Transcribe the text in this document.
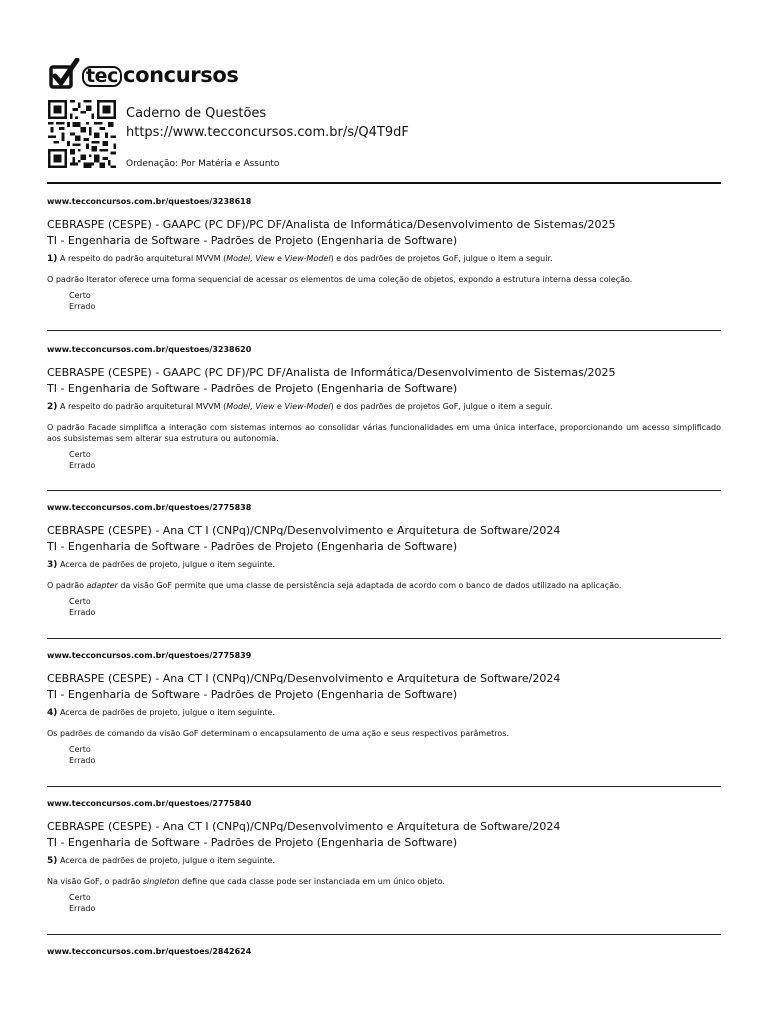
tec concursos
Caderno de Questões
https://www.tecconcursos.com.br/s/Q4T9dF
Ordenação: Por Matéria e Assunto
www.tecconcursos.com.br/questoes/3238618
CEBRASPE (CESPE) - GAAPC (PC DF)/PC DF/Analista de Informática/Desenvolvimento de Sistemas/2025
TI - Engenharia de Software - Padrões de Projeto (Engenharia de Software)
1) A respeito do padrão arquitetural MVVM (Model, View e View-Model) e dos padrões de projetos GoF, julgue o item a seguir.
O padrão Iterator oferece uma forma sequencial de acessar os elementos de uma coleção de objetos, expondo a estrutura interna dessa coleção.
Certo
Errado
www.tecconcursos.com.br/questoes/3238620
CEBRASPE (CESPE) - GAAPC (PC DF)/PC DF/Analista de Informática/Desenvolvimento de Sistemas/2025
TI - Engenharia de Software - Padrões de Projeto (Engenharia de Software)
2) A respeito do padrão arquitetural MVVM (Model, View e View-Model) e dos padrões de projetos GoF, julgue o item a seguir.
O padrão Facade simplifica a interação com sistemas internos ao consolidar várias funcionalidades em uma única interface, proporcionando um acesso simplificado aos subsistemas sem alterar sua estrutura ou autonomia.
Certo
Errado
www.tecconcursos.com.br/questoes/2775838
CEBRASPE (CESPE) - Ana CT I (CNPq)/CNPq/Desenvolvimento e Arquitetura de Software/2024
TI - Engenharia de Software - Padrões de Projeto (Engenharia de Software)
3) Acerca de padrões de projeto, julgue o item seguinte.
O padrão adapter da visão GoF permite que uma classe de persistência seja adaptada de acordo com o banco de dados utilizado na aplicação.
Certo
Errado
www.tecconcursos.com.br/questoes/2775839
CEBRASPE (CESPE) - Ana CT I (CNPq)/CNPq/Desenvolvimento e Arquitetura de Software/2024
TI - Engenharia de Software - Padrões de Projeto (Engenharia de Software)
4) Acerca de padrões de projeto, julgue o item seguinte.
Os padrões de comando da visão GoF determinam o encapsulamento de uma ação e seus respectivos parâmetros.
Certo
Errado
www.tecconcursos.com.br/questoes/2775840
CEBRASPE (CESPE) - Ana CT I (CNPq)/CNPq/Desenvolvimento e Arquitetura de Software/2024
TI - Engenharia de Software - Padrões de Projeto (Engenharia de Software)
5) Acerca de padrões de projeto, julgue o item seguinte.
Na visão GoF, o padrão singleton define que cada classe pode ser instanciada em um único objeto.
Certo
Errado
www.tecconcursos.com.br/questoes/2842624
